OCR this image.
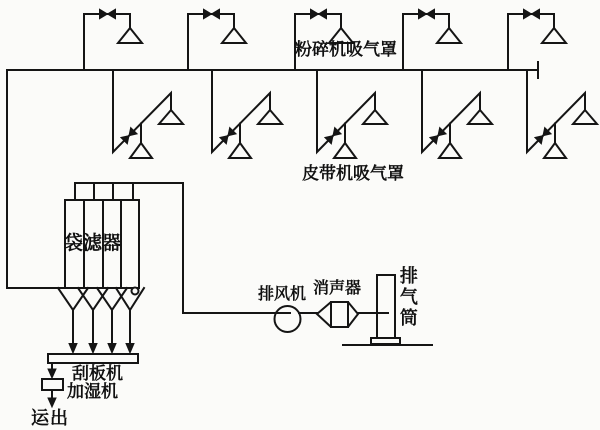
粉碎机吸气罩
皮带机吸气罩
袋滤器
排风机 消声器 排气筒
刮板机
加湿机
运出
